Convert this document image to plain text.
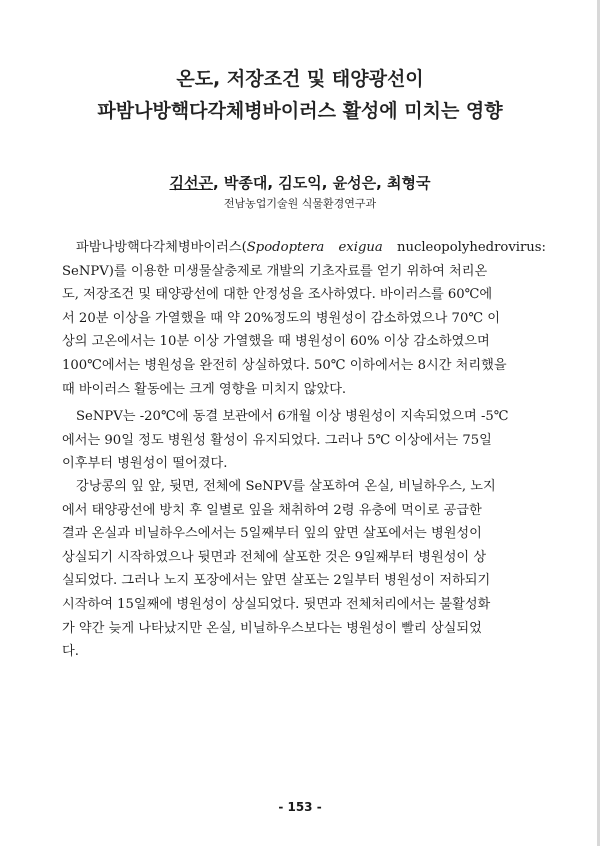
온도, 저장조건 및 태양광선이
파밤나방핵다각체병바이러스 활성에 미치는 영향
김선곤, 박종대, 김도익, 윤성은, 최형국
전남농업기술원 식물환경연구과
파밤나방핵다각체병바이러스(Spodoptera exigua nucleopolyhedrovirus:
SeNPV)를 이용한 미생물살충제로 개발의 기초자료를 얻기 위하여 처리온
도, 저장조건 및 태양광선에 대한 안정성을 조사하였다. 바이러스를 60℃에
서 20분 이상을 가열했을 때 약 20%정도의 병원성이 감소하였으나 70℃ 이
상의 고온에서는 10분 이상 가열했을 때 병원성이 60% 이상 감소하였으며
100℃에서는 병원성을 완전히 상실하였다. 50℃ 이하에서는 8시간 처리했을
때 바이러스 활동에는 크게 영향을 미치지 않았다.
SeNPV는 -20℃에 동결 보관에서 6개월 이상 병원성이 지속되었으며 -5℃
에서는 90일 정도 병원성 활성이 유지되었다. 그러나 5℃ 이상에서는 75일
이후부터 병원성이 떨어졌다.
강낭콩의 잎 앞, 뒷면, 전체에 SeNPV를 살포하여 온실, 비닐하우스, 노지
에서 태양광선에 방치 후 일별로 잎을 채취하여 2령 유충에 먹이로 공급한
결과 온실과 비닐하우스에서는 5일째부터 잎의 앞면 살포에서는 병원성이
상실되기 시작하였으나 뒷면과 전체에 살포한 것은 9일째부터 병원성이 상
실되었다. 그러나 노지 포장에서는 앞면 살포는 2일부터 병원성이 저하되기
시작하여 15일째에 병원성이 상실되었다. 뒷면과 전체처리에서는 불활성화
가 약간 늦게 나타났지만 온실, 비닐하우스보다는 병원성이 빨리 상실되었
다.
- 153 -
